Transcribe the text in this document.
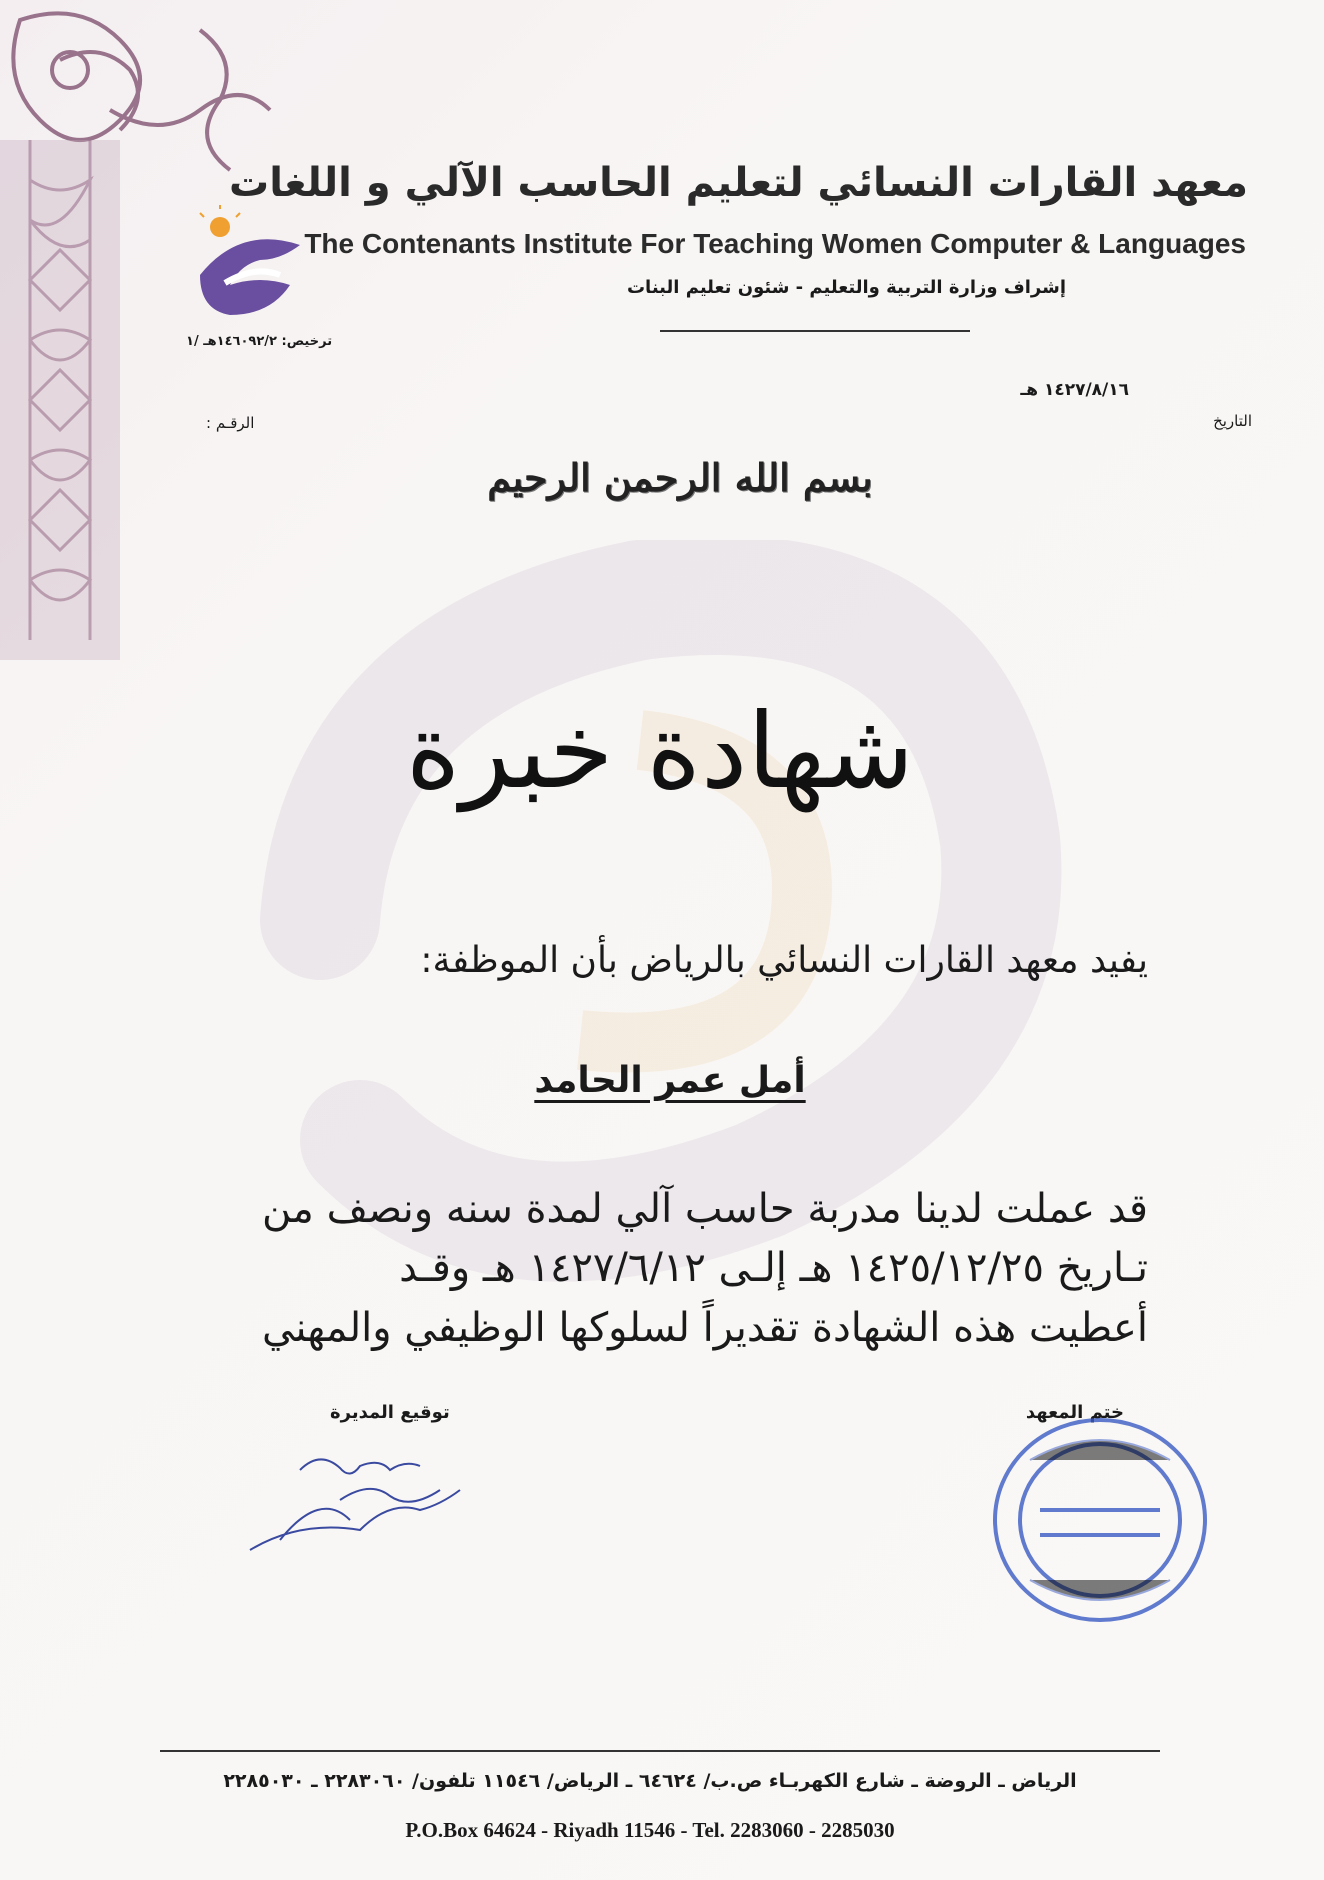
معهد القارات النسائي لتعليم الحاسب الآلي و اللغات
The Contenants Institute For Teaching Women Computer & Languages
إشراف وزارة التربية والتعليم - شئون تعليم البنات
ترخيص: ١٤٦٠٩٢/٢هـ /١
١٤٢٧/٨/١٦ هـ
التاريخ
الرقـم :
بسم الله الرحمن الرحيم
شهادة خبرة
يفيد معهد القارات النسائي بالرياض بأن الموظفة:
أمل عمر الحامد
قد عملت لدينا مدربة حاسب آلي لمدة سنه ونصف من
تـاريخ ١٤٢٥/١٢/٢٥ هـ إلـى ١٤٢٧/٦/١٢ هـ وقـد
أعطيت هذه الشهادة تقديراً لسلوكها الوظيفي والمهني
ختم المعهد
توقيع المديرة
الرياض ـ الروضة ـ شارع الكهربـاء ص.ب/ ٦٤٦٢٤ ـ الرياض/ ١١٥٤٦ تلفون/ ٢٢٨٣٠٦٠ ـ ٢٢٨٥٠٣٠
P.O.Box 64624 - Riyadh 11546 - Tel. 2283060 - 2285030
